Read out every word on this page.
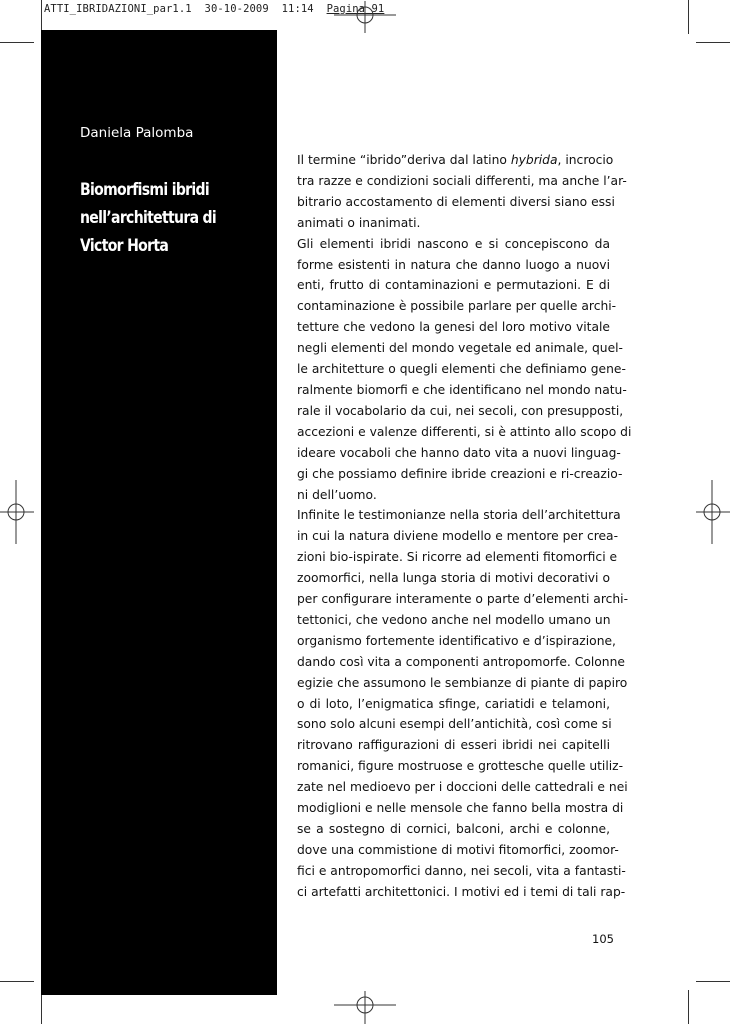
ATTI_IBRIDAZIONI_par1.1 30-10-2009 11:14 Pagina 91
Daniela Palomba
Biomorfismi ibridi
nell’architettura di
Victor Horta
Il termine “ibrido”deriva dal latino hybrida, incrocio
tra razze e condizioni sociali differenti, ma anche l’ar-
bitrario accostamento di elementi diversi siano essi
animati o inanimati.
Gli elementi ibridi nascono e si concepiscono da
forme esistenti in natura che danno luogo a nuovi
enti, frutto di contaminazioni e permutazioni. E di
contaminazione è possibile parlare per quelle archi-
tetture che vedono la genesi del loro motivo vitale
negli elementi del mondo vegetale ed animale, quel-
le architetture o quegli elementi che definiamo gene-
ralmente biomorfi e che identificano nel mondo natu-
rale il vocabolario da cui, nei secoli, con presupposti,
accezioni e valenze differenti, si è attinto allo scopo di
ideare vocaboli che hanno dato vita a nuovi linguag-
gi che possiamo definire ibride creazioni e ri-creazio-
ni dell’uomo.
Infinite le testimonianze nella storia dell’architettura
in cui la natura diviene modello e mentore per crea-
zioni bio-ispirate. Si ricorre ad elementi fitomorfici e
zoomorfici, nella lunga storia di motivi decorativi o
per configurare interamente o parte d’elementi archi-
tettonici, che vedono anche nel modello umano un
organismo fortemente identificativo e d’ispirazione,
dando così vita a componenti antropomorfe. Colonne
egizie che assumono le sembianze di piante di papiro
o di loto, l’enigmatica sfinge, cariatidi e telamoni,
sono solo alcuni esempi dell’antichità, così come si
ritrovano raffigurazioni di esseri ibridi nei capitelli
romanici, figure mostruose e grottesche quelle utiliz-
zate nel medioevo per i doccioni delle cattedrali e nei
modiglioni e nelle mensole che fanno bella mostra di
se a sostegno di cornici, balconi, archi e colonne,
dove una commistione di motivi fitomorfici, zoomor-
fici e antropomorfici danno, nei secoli, vita a fantasti-
ci artefatti architettonici. I motivi ed i temi di tali rap-
105
